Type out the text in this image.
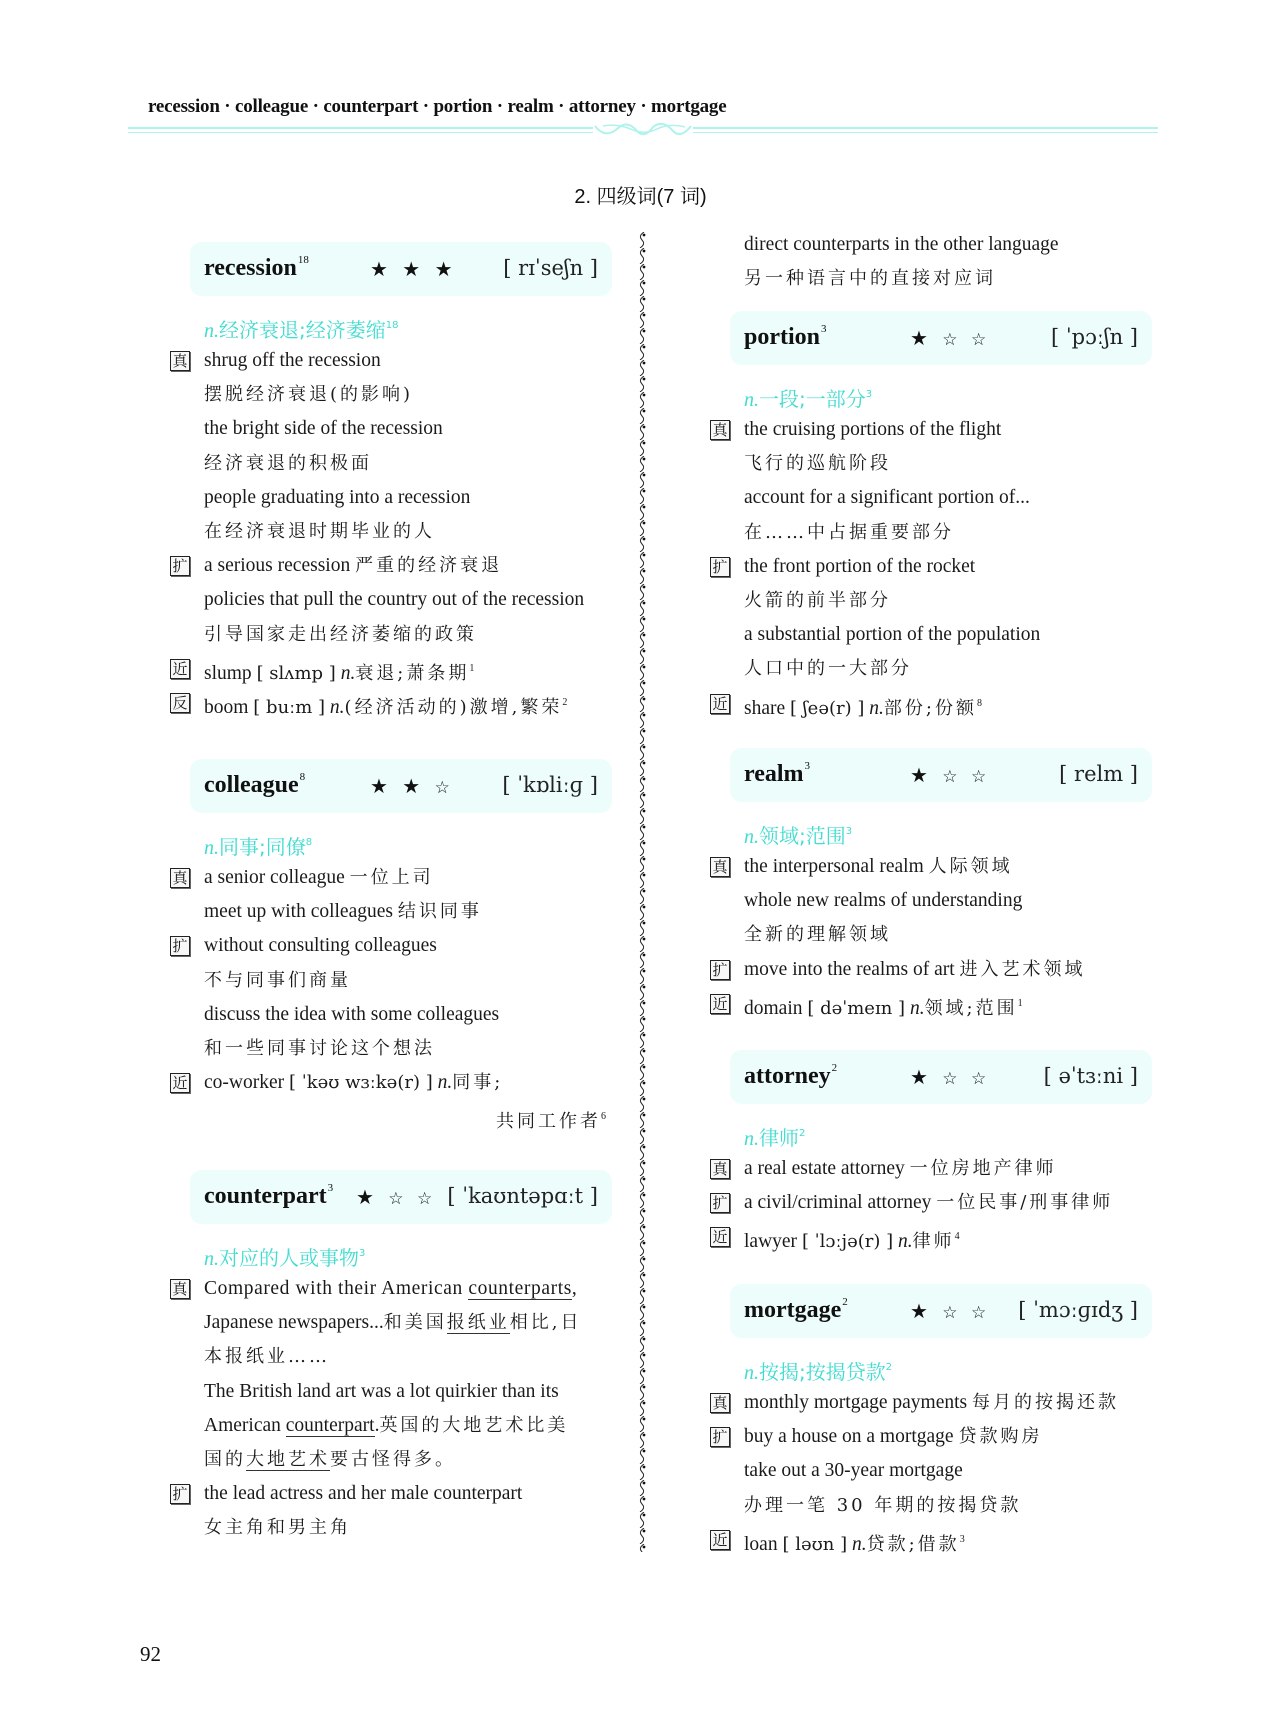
recession · colleague · counterpart · portion · realm · attorney · mortgage
2. 四级词(7 词)
recession$^{18}$	★ ★ ★ [ rɪˈseʃn ]
n.经济衰退;经济萎缩$^{18}$
真 shrug off the recession
摆脱经济衰退(的影响)
the bright side of the recession
经济衰退的积极面
people graduating into a recession
在经济衰退时期毕业的人
扩 a serious recession 严重的经济衰退
policies that pull the country out of the recession
引导国家走出经济萎缩的政策
近 slump [ slʌmp ] n.衰退;萧条期$^1$
反 boom [ buːm ] n.(经济活动的)激增,繁荣$^2$
colleague$^8$	★ ★ ☆ [ ˈkɒliːɡ ]
n.同事;同僚$^8$
真 a senior colleague 一位上司
meet up with colleagues 结识同事
扩 without consulting colleagues
不与同事们商量
discuss the idea with some colleagues
和一些同事讨论这个想法
近 co-worker [ ˈkəʊ wɜːkə(r) ] n.同事;
共同工作者$^6$
counterpart$^3$ ★ ☆ ☆ [ ˈkaʊntəpɑːt ]
n.对应的人或事物$^3$
真 Compared with their American counterparts,
Japanese newspapers...和美国报纸业相比,日
本报纸业……
The British land art was a lot quirkier than its
American counterpart.英国的大地艺术比美
国的大地艺术要古怪得多。
扩 the lead actress and her male counterpart
女主角和男主角
direct counterparts in the other language
另一种语言中的直接对应词
portion$^3$	★ ☆ ☆	[ ˈpɔːʃn ]
n.一段;一部分$^3$
真 the cruising portions of the flight
飞行的巡航阶段
account for a significant portion of...
在……中占据重要部分
扩 the front portion of the rocket
火箭的前半部分
a substantial portion of the population
人口中的一大部分
近 share [ ʃeə(r) ] n.部份;份额$^8$
realm$^3$	★ ☆ ☆	[ relm ]
n.领域;范围$^3$
真 the interpersonal realm 人际领域
whole new realms of understanding
全新的理解领域
扩 move into the realms of art 进入艺术领域
近 domain [ dəˈmeɪn ] n.领域;范围$^1$
attorney$^2$	★ ☆ ☆	[ əˈtɜːni ]
n.律师$^2$
真 a real estate attorney 一位房地产律师
扩 a civil/criminal attorney 一位民事/刑事律师
近 lawyer [ ˈlɔːjə(r) ] n.律师$^4$
mortgage$^2$	★ ☆ ☆ [ ˈmɔːɡɪdʒ ]
n.按揭;按揭贷款$^2$
真 monthly mortgage payments 每月的按揭还款
扩 buy a house on a mortgage 贷款购房
take out a 30-year mortgage
办理一笔 30 年期的按揭贷款
近 loan [ ləʊn ] n.贷款;借款$^3$
92
